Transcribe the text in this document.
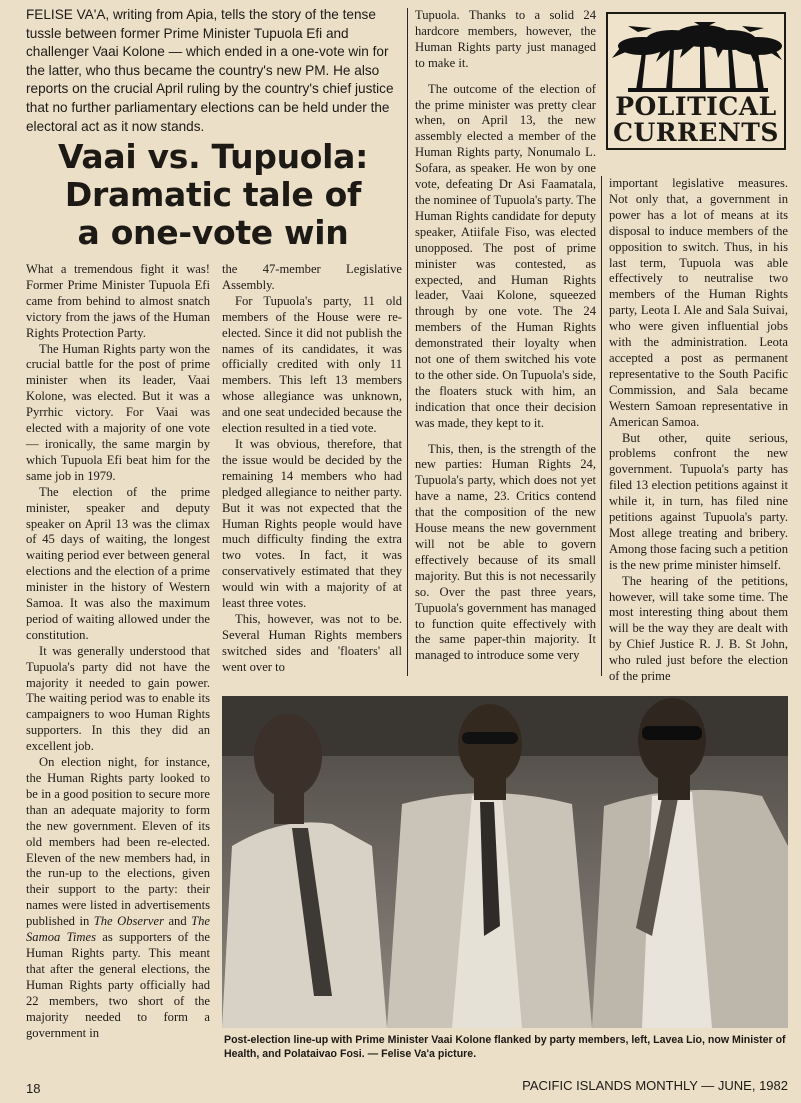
FELISE VA'A, writing from Apia, tells the story of the tense tussle between former Prime Minister Tupuola Efi and challenger Vaai Kolone — which ended in a one-vote win for the latter, who thus became the country's new PM. He also reports on the crucial April ruling by the country's chief justice that no further parliamentary elections can be held under the electoral act as it now stands.
Vaai vs. Tupuola:
Dramatic tale of
a one-vote win
POLITICAL
CURRENTS

What a tremendous fight it was! Former Prime Minister Tupuola Efi came from behind to almost snatch victory from the jaws of the Human Rights Protection Party.

The Human Rights party won the crucial battle for the post of prime minister when its leader, Vaai Kolone, was elected. But it was a Pyrrhic victory. For Vaai was elected with a majority of one vote — ironically, the same margin by which Tupuola Efi beat him for the same job in 1979.

The election of the prime minister, speaker and deputy speaker on April 13 was the climax of 45 days of waiting, the longest waiting period ever between general elections and the election of a prime minister in the history of Western Samoa. It was also the maximum period of waiting allowed under the constitution.

It was generally understood that Tupuola's party did not have the majority it needed to gain power. The waiting period was to enable its campaigners to woo Human Rights supporters. In this they did an excellent job.

On election night, for instance, the Human Rights party looked to be in a good position to secure more than an adequate majority to form the new government. Eleven of its old members had been re-elected. Eleven of the new members had, in the run-up to the elections, given their support to the party: their names were listed in advertisements published in The Observer and The Samoa Times as supporters of the Human Rights party. This meant that after the general elections, the Human Rights party officially had 22 members, two short of the majority needed to form a government in

the 47-member Legislative Assembly.

For Tupuola's party, 11 old members of the House were re-elected. Since it did not publish the names of its candidates, it was officially credited with only 11 members. This left 13 members whose allegiance was unknown, and one seat undecided because the election resulted in a tied vote.

It was obvious, therefore, that the issue would be decided by the remaining 14 members who had pledged allegiance to neither party. But it was not expected that the Human Rights people would have much difficulty finding the extra two votes. In fact, it was conservatively estimated that they would win with a majority of at least three votes.

This, however, was not to be. Several Human Rights members switched sides and 'floaters' all went over to

Tupuola. Thanks to a solid 24 hardcore members, however, the Human Rights party just managed to make it.

The outcome of the election of the prime minister was pretty clear when, on April 13, the new assembly elected a member of the Human Rights party, Nonumalo L. Sofara, as speaker. He won by one vote, defeating Dr Asi Faamatala, the nominee of Tupuola's party. The Human Rights candidate for deputy speaker, Atiifale Fiso, was elected unopposed. The post of prime minister was contested, as expected, and Human Rights leader, Vaai Kolone, squeezed through by one vote. The 24 members of the Human Rights demonstrated their loyalty when not one of them switched his vote to the other side. On Tupuola's side, the floaters stuck with him, an indication that once their decision was made, they kept to it.

This, then, is the strength of the new parties: Human Rights 24, Tupuola's party, which does not yet have a name, 23. Critics contend that the composition of the new House means the new government will not be able to govern effectively because of its small majority. But this is not necessarily so. Over the past three years, Tupuola's government has managed to function quite effectively with the same paper-thin majority. It managed to introduce some very

important legislative measures. Not only that, a government in power has a lot of means at its disposal to induce members of the opposition to switch. Thus, in his last term, Tupuola was able effectively to neutralise two members of the Human Rights party, Leota I. Ale and Sala Suivai, who were given influential jobs with the administration. Leota accepted a post as permanent representative to the South Pacific Commission, and Sala became Western Samoan representative in American Samoa.

But other, quite serious, problems confront the new government. Tupuola's party has filed 13 election petitions against it while it, in turn, has filed nine petitions against Tupuola's party. Most allege treating and bribery. Among those facing such a petition is the new prime minister himself.

The hearing of the petitions, however, will take some time. The most interesting thing about them will be the way they are dealt with by Chief Justice R. J. B. St John, who ruled just before the election of the prime

Post-election line-up with Prime Minister Vaai Kolone flanked by party members, left, Lavea Lio, now Minister of Health, and Polataivao Fosi. — Felise Va'a picture.
18	PACIFIC ISLANDS MONTHLY — JUNE, 1982
